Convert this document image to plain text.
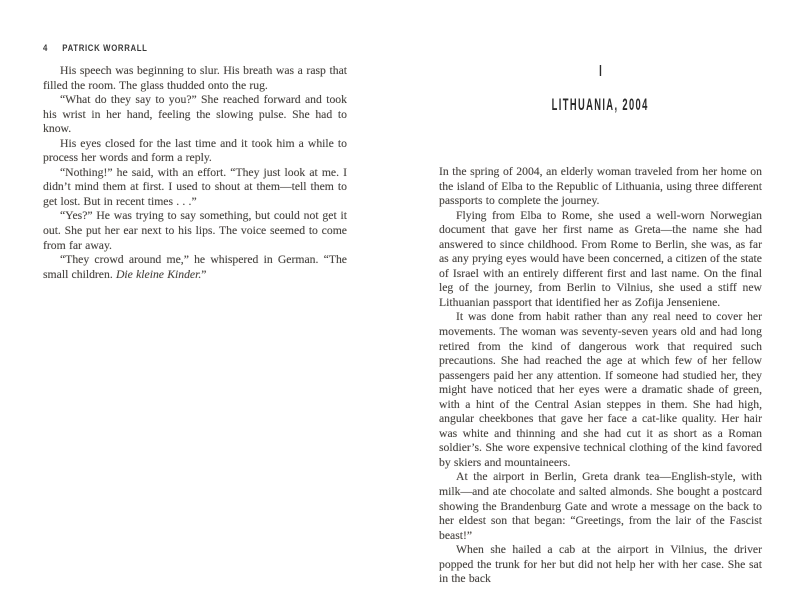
4 PATRICK WORRALL

His speech was beginning to slur. His breath was a rasp that filled the room. The glass thudded onto the rug.

“What do they say to you?” She reached forward and took his wrist in her hand, feeling the slowing pulse. She had to know.

His eyes closed for the last time and it took him a while to process her words and form a reply.

“Nothing!” he said, with an effort. “They just look at me. I didn’t mind them at first. I used to shout at them—tell them to get lost. But in recent times . . .”

“Yes?” He was trying to say something, but could not get it out. She put her ear next to his lips. The voice seemed to come from far away.

“They crowd around me,” he whispered in German. “The small children. Die kleine Kinder.”

I
LITHUANIA, 2004

In the spring of 2004, an elderly woman traveled from her home on the island of Elba to the Republic of Lithuania, using three different passports to complete the journey.

Flying from Elba to Rome, she used a well-worn Norwegian document that gave her first name as Greta—the name she had answered to since childhood. From Rome to Berlin, she was, as far as any prying eyes would have been concerned, a citizen of the state of Israel with an entirely different first and last name. On the final leg of the journey, from Berlin to Vilnius, she used a stiff new Lithuanian passport that identified her as Zofija Jenseniene.

It was done from habit rather than any real need to cover her movements. The woman was seventy-seven years old and had long retired from the kind of dangerous work that required such precautions. She had reached the age at which few of her fellow passengers paid her any attention. If someone had studied her, they might have noticed that her eyes were a dramatic shade of green, with a hint of the Central Asian steppes in them. She had high, angular cheekbones that gave her face a cat-like quality. Her hair was white and thinning and she had cut it as short as a Roman soldier’s. She wore expensive technical clothing of the kind favored by skiers and mountaineers.

At the airport in Berlin, Greta drank tea—English-style, with milk—and ate chocolate and salted almonds. She bought a postcard showing the Brandenburg Gate and wrote a message on the back to her eldest son that began: “Greetings, from the lair of the Fascist beast!”

When she hailed a cab at the airport in Vilnius, the driver popped the trunk for her but did not help her with her case. She sat in the back
